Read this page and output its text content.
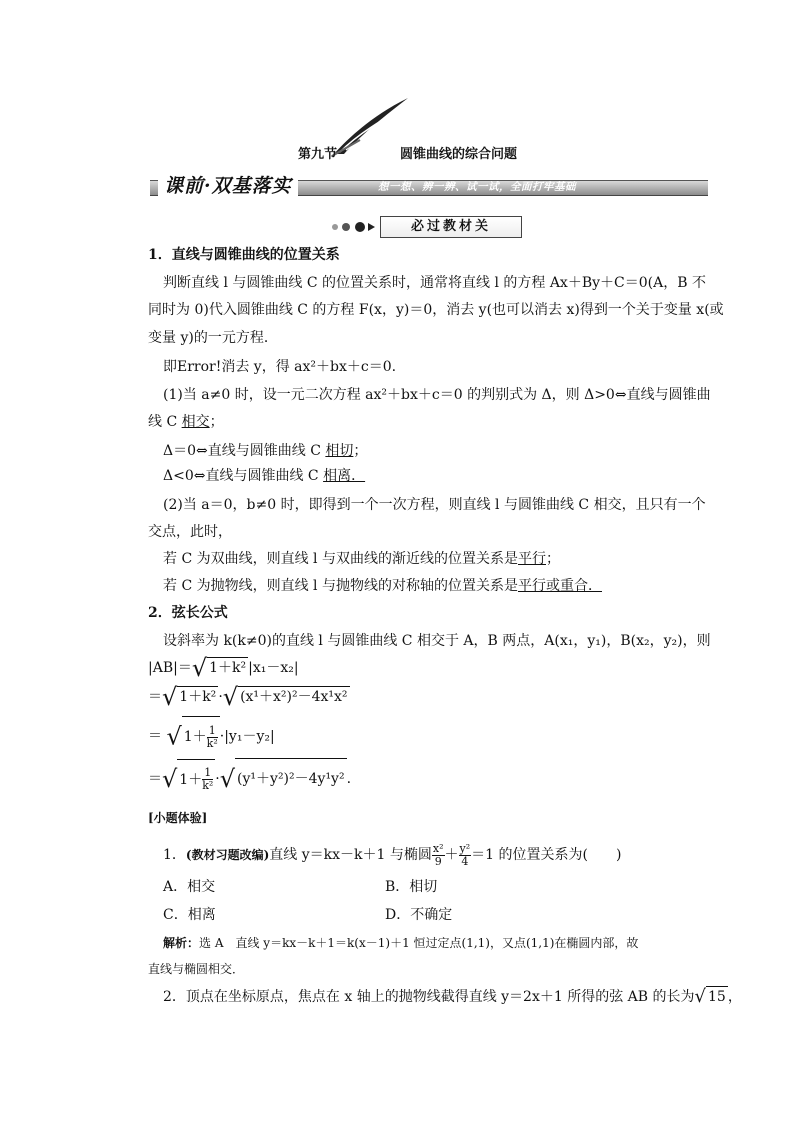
第九节	圆锥曲线的综合问题
课前·双基落实	想一想、辨一辨、试一试，全面打牢基础
必过教材关
1．直线与圆锥曲线的位置关系
判断直线 l 与圆锥曲线 C 的位置关系时，通常将直线 l 的方程 Ax＋By＋C＝0(A，B 不
同时为 0)代入圆锥曲线 C 的方程 F(x，y)＝0，消去 y(也可以消去 x)得到一个关于变量 x(或
变量 y)的一元方程．
即Error!消去 y，得 ax²＋bx＋c＝0.
(1)当 a≠0 时，设一元二次方程 ax²＋bx＋c＝0 的判别式为 Δ，则 Δ>0⇔直线与圆锥曲
线 C 相交；
Δ＝0⇔直线与圆锥曲线 C 相切；
Δ<0⇔直线与圆锥曲线 C 相离．
(2)当 a＝0，b≠0 时，即得到一个一次方程，则直线 l 与圆锥曲线 C 相交，且只有一个
交点，此时，
若 C 为双曲线，则直线 l 与双曲线的渐近线的位置关系是平行；
若 C 为抛物线，则直线 l 与抛物线的对称轴的位置关系是平行或重合．
2．弦长公式
设斜率为 k(k≠0)的直线 l 与圆锥曲线 C 相交于 A，B 两点，A(x₁，y₁)，B(x₂，y₂)，则
|AB|＝√ 1＋k² |x₁－x₂|
＝√ 1＋k² ·√ (x¹＋x²)²－4x¹x²
＝ √ $1+ \frac{1}{\text{k²}} \cdot|y_1-y_2|$
＝√ $1+ \frac{1}{\text{k²}}$ ·√ (y¹＋y²)²－4y¹y² .
[小题体验]
1．(教材习题改编)直线 y＝kx－k＋1 与椭圆 $\frac{\text{x²}}{9} + \frac{\text{y²}}{4} =1$ 的位置关系为(　　)
A．相交	B．相切
C．相离	D．不确定
解析：选 A　直线 y＝kx－k＋1＝k(x－1)＋1 恒过定点(1,1)，又点(1,1)在椭圆内部，故
直线与椭圆相交．
2．顶点在坐标原点，焦点在 x 轴上的抛物线截得直线 y＝2x＋1 所得的弦 AB 的长为√ 15 ，
